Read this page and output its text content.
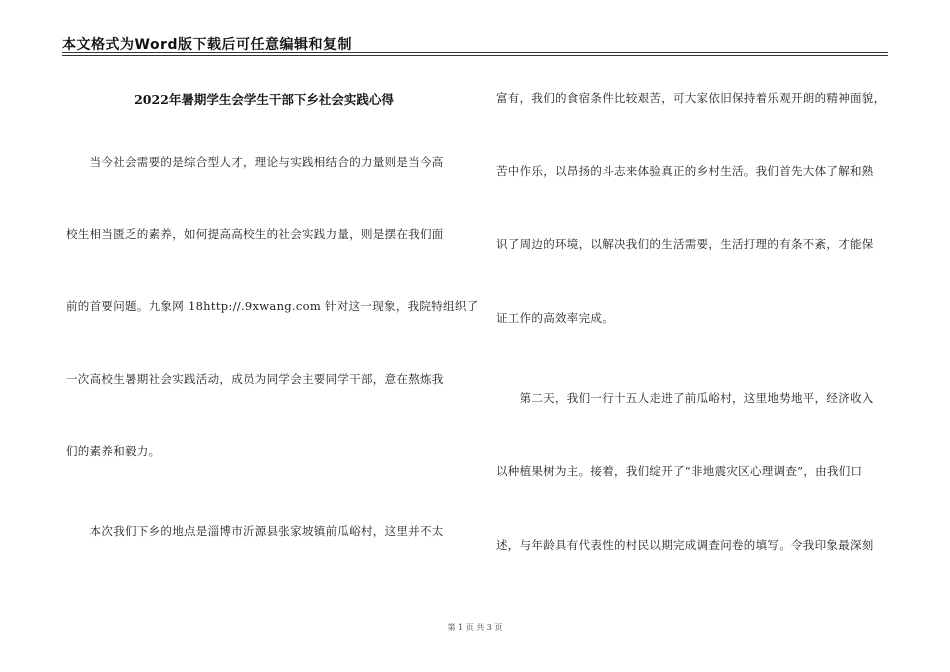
本文格式为Word版下载后可任意编辑和复制
2022年暑期学生会学生干部下乡社会实践心得
　　当今社会需要的是综合型人才，理论与实践相结合的力量则是当今高
校生相当匮乏的素养，如何提高高校生的社会实践力量，则是摆在我们面
前的首要问题。九象网 18http://.9xwang.com 针对这一现象，我院特组织了
一次高校生暑期社会实践活动，成员为同学会主要同学干部，意在熬炼我
们的素养和毅力。
　　本次我们下乡的地点是淄博市沂源县张家坡镇前瓜峪村，这里并不太
富有，我们的食宿条件比较艰苦，可大家依旧保持着乐观开朗的精神面貌，
苦中作乐，以昂扬的斗志来体验真正的乡村生活。我们首先大体了解和熟
识了周边的环境，以解决我们的生活需要，生活打理的有条不紊，才能保
证工作的高效率完成。
　　第二天，我们一行十五人走进了前瓜峪村，这里地势地平，经济收入
以种植果树为主。接着，我们绽开了“非地震灾区心理调查”，由我们口
述，与年龄具有代表性的村民以期完成调查问卷的填写。令我印象最深刻
第 1 页 共 3 页
